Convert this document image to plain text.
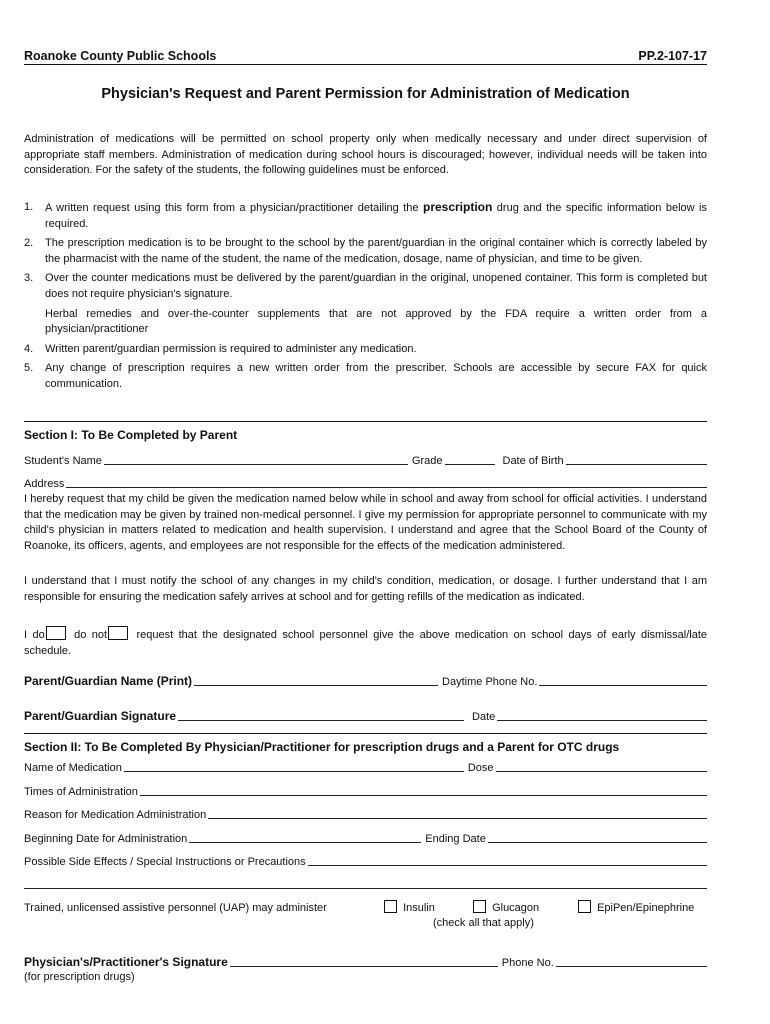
Roanoke County Public Schools	PP.2-107-17
Physician's Request and Parent Permission for Administration of Medication
Administration of medications will be permitted on school property only when medically necessary and under direct supervision of appropriate staff members. Administration of medication during school hours is discouraged; however, individual needs will be taken into consideration. For the safety of the students, the following guidelines must be enforced.
1. A written request using this form from a physician/practitioner detailing the prescription drug and the specific information below is required.
2. The prescription medication is to be brought to the school by the parent/guardian in the original container which is correctly labeled by the pharmacist with the name of the student, the name of the medication, dosage, name of physician, and time to be given.
3. Over the counter medications must be delivered by the parent/guardian in the original, unopened container. This form is completed but does not require physician's signature.
Herbal remedies and over-the-counter supplements that are not approved by the FDA require a written order from a physician/practitioner
4. Written parent/guardian permission is required to administer any medication.
5. Any change of prescription requires a new written order from the prescriber. Schools are accessible by secure FAX for quick communication.
Section I: To Be Completed by Parent
Student's Name	Grade	Date of Birth
Address
I hereby request that my child be given the medication named below while in school and away from school for official activities. I understand that the medication may be given by trained non-medical personnel. I give my permission for appropriate personnel to communicate with my child's physician in matters related to medication and health supervision. I understand and agree that the School Board of the County of Roanoke, its officers, agents, and employees are not responsible for the effects of the medication administered.
I understand that I must notify the school of any changes in my child's condition, medication, or dosage. I further understand that I am responsible for ensuring the medication safely arrives at school and for getting refills of the medication as indicated.
I do	do not	request that the designated school personnel give the above medication on school days of early dismissal/late schedule.
Parent/Guardian Name (Print)	Daytime Phone No.
Parent/Guardian Signature	Date
Section II: To Be Completed By Physician/Practitioner for prescription drugs and a Parent for OTC drugs
Name of Medication	Dose
Times of Administration
Reason for Medication Administration
Beginning Date for Administration	Ending Date
Possible Side Effects / Special Instructions or Precautions
Trained, unlicensed assistive personnel (UAP) may administer	Insulin	Glucagon	EpiPen/Epinephrine
(check all that apply)
Physician's/Practitioner's Signature	Phone No.
(for prescription drugs)
